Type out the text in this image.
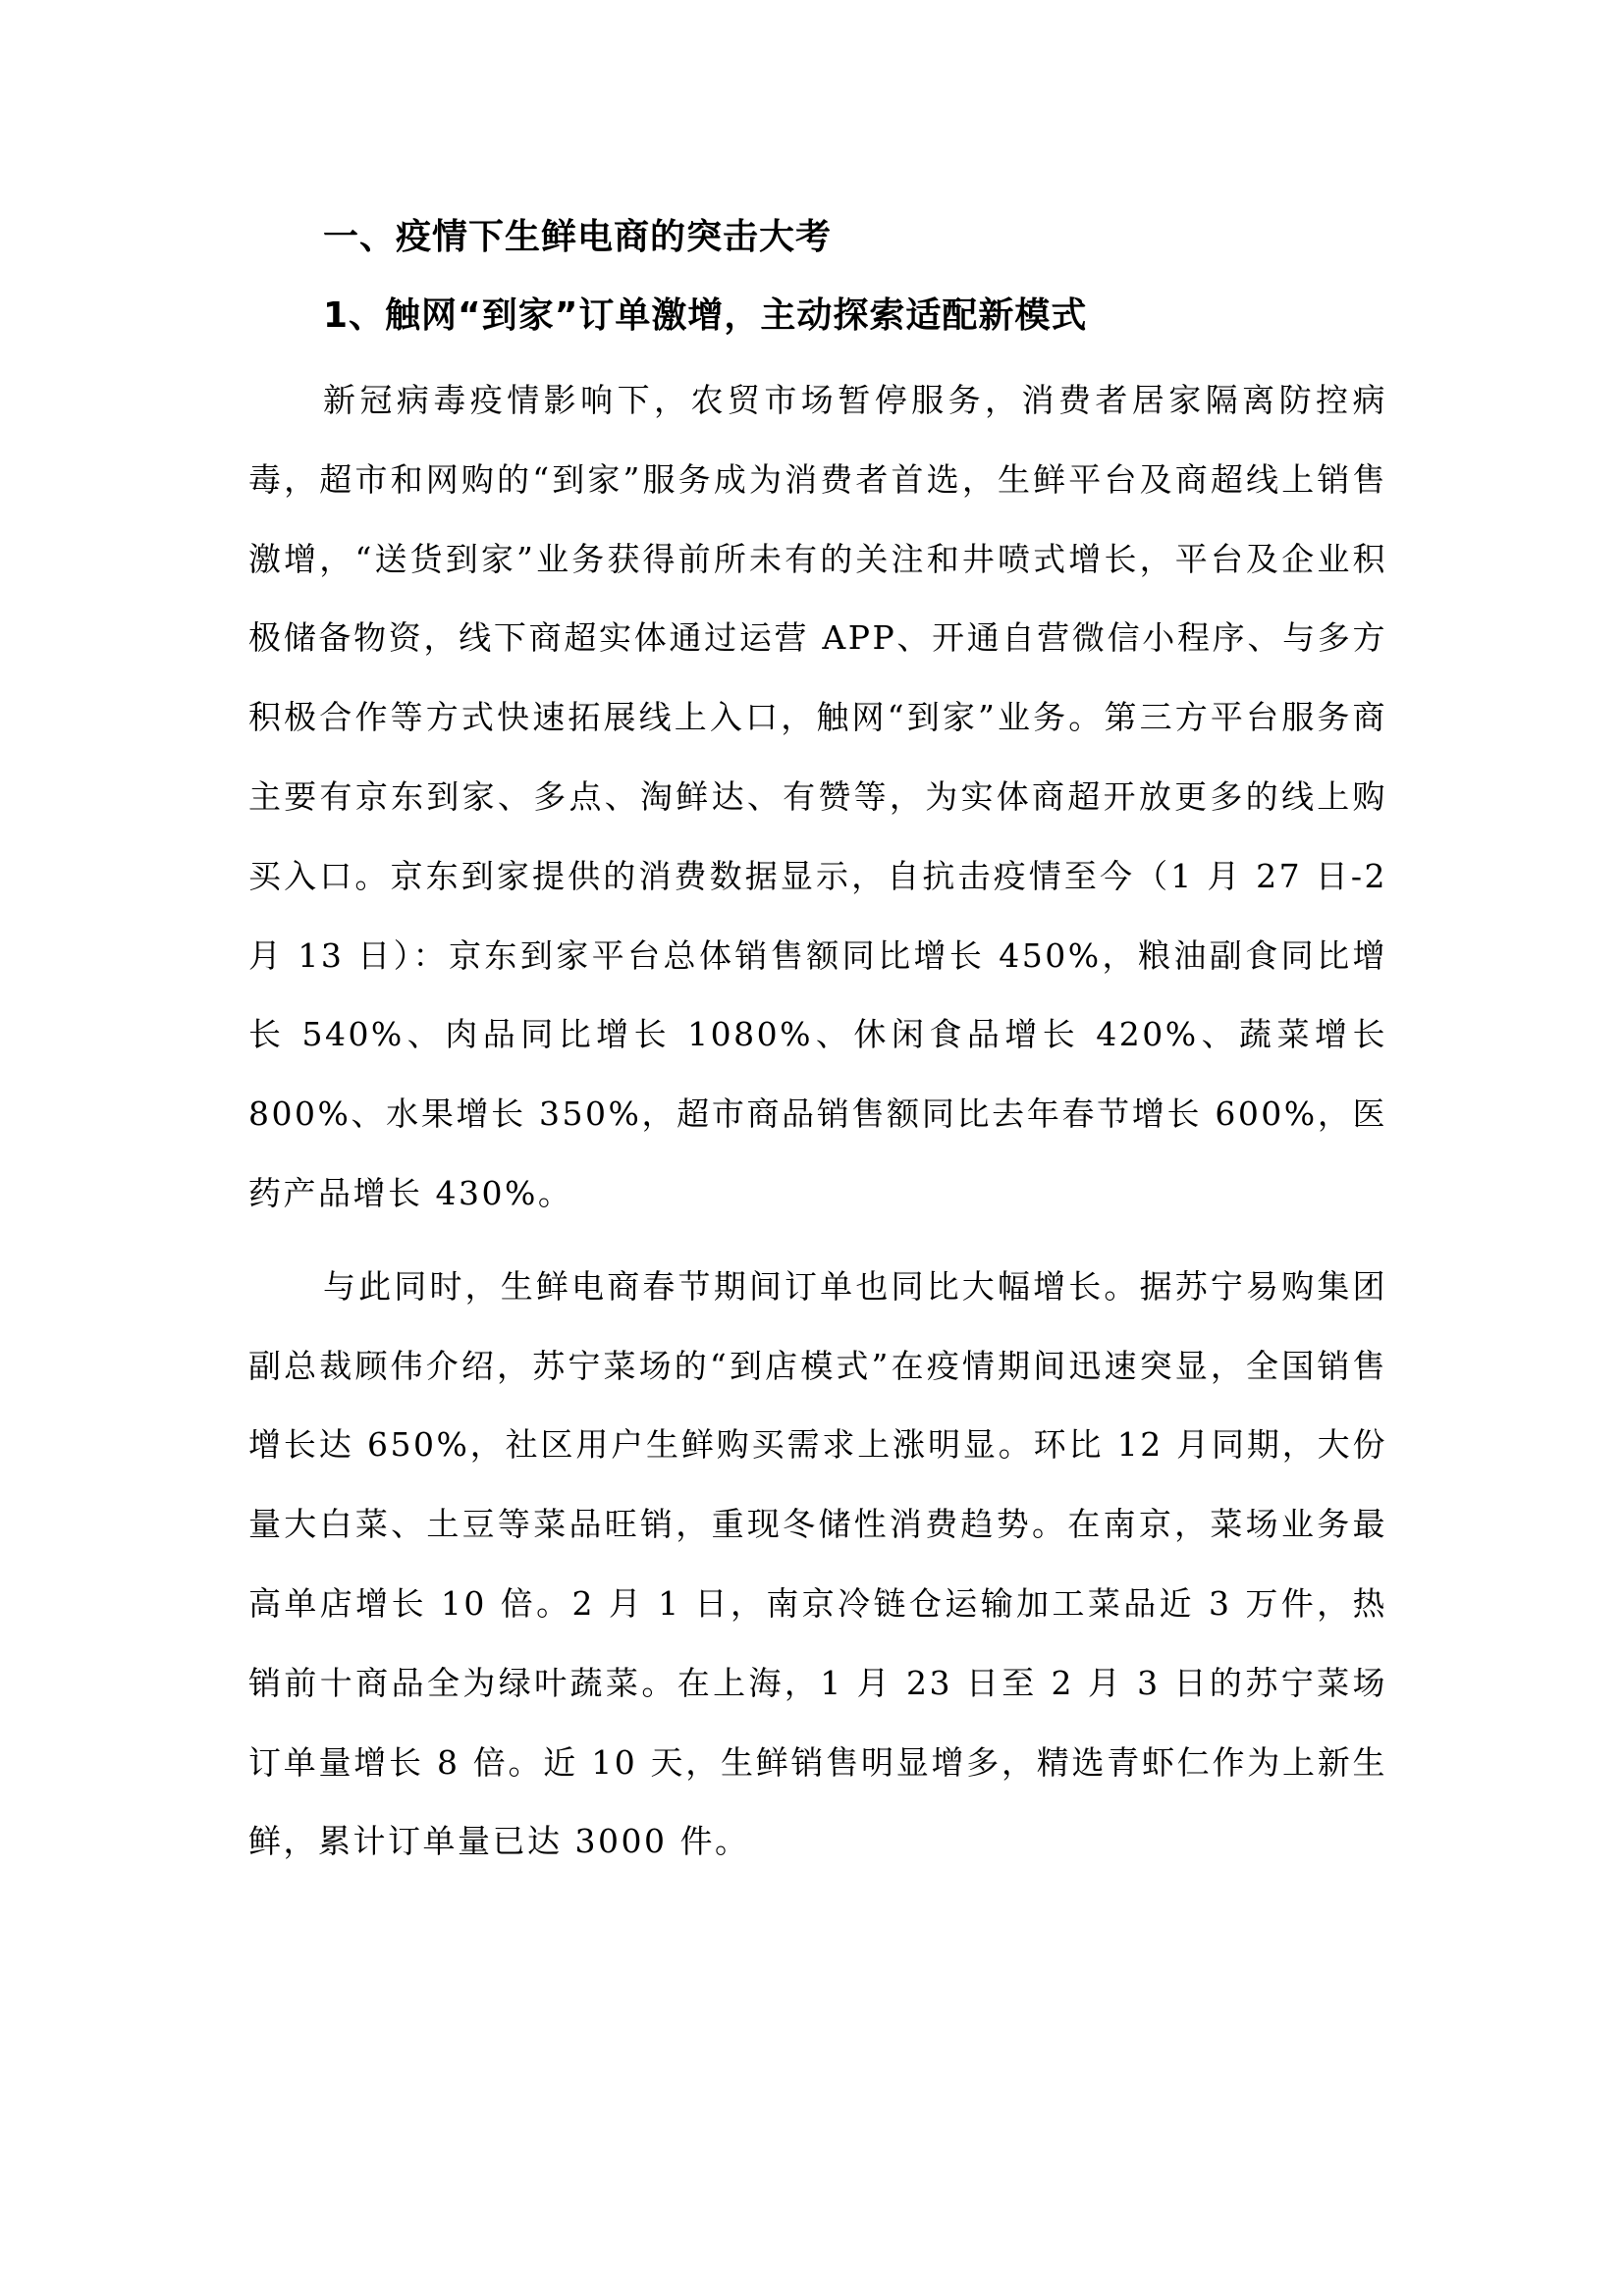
一、疫情下生鲜电商的突击大考
1、触网“到家”订单激增，主动探索适配新模式

新冠病毒疫情影响下，农贸市场暂停服务，消费者居家隔离防控病毒，超市和网购的“到家”服务成为消费者首选，生鲜平台及商超线上销售激增，“送货到家”业务获得前所未有的关注和井喷式增长，平台及企业积极储备物资，线下商超实体通过运营 APP、开通自营微信小程序、与多方积极合作等方式快速拓展线上入口，触网“到家”业务。第三方平台服务商主要有京东到家、多点、淘鲜达、有赞等，为实体商超开放更多的线上购买入口。京东到家提供的消费数据显示，自抗击疫情至今（1 月 27 日-2 月 13 日）：京东到家平台总体销售额同比增长 450%，粮油副食同比增长 540%、肉品同比增长 1080%、休闲食品增长 420%、蔬菜增长 800%、水果增长 350%，超市商品销售额同比去年春节增长 600%，医药产品增长 430%。

与此同时，生鲜电商春节期间订单也同比大幅增长。据苏宁易购集团副总裁顾伟介绍，苏宁菜场的“到店模式”在疫情期间迅速突显，全国销售增长达 650%，社区用户生鲜购买需求上涨明显。环比 12 月同期，大份量大白菜、土豆等菜品旺销，重现冬储性消费趋势。在南京，菜场业务最高单店增长 10 倍。2 月 1 日，南京冷链仓运输加工菜品近 3 万件，热销前十商品全为绿叶蔬菜。在上海，1 月 23 日至 2 月 3 日的苏宁菜场订单量增长 8 倍。近 10 天，生鲜销售明显增多，精选青虾仁作为上新生鲜，累计订单量已达 3000 件。
